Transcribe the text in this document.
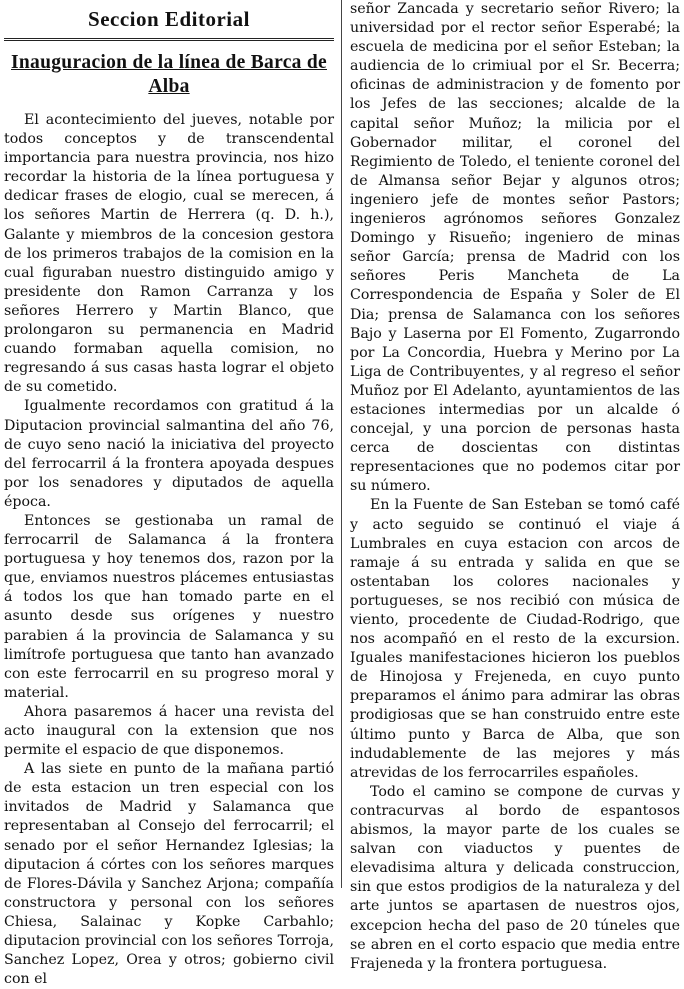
Seccion Editorial
Inauguracion de la línea de Barca de Alba

El acontecimiento del jueves, notable por todos conceptos y de transcendental importancia para nuestra provincia, nos hizo recordar la historia de la línea portuguesa y dedicar frases de elogio, cual se merecen, á los señores Martin de Herrera (q. D. h.), Galante y miembros de la concesion gestora de los primeros trabajos de la comision en la cual figuraban nuestro distinguido amigo y presidente don Ramon Carranza y los señores Herrero y Martin Blanco, que prolongaron su permanencia en Madrid cuando formaban aquella comision, no regresando á sus casas hasta lograr el objeto de su cometido.

Igualmente recordamos con gratitud á la Diputacion provincial salmantina del año 76, de cuyo seno nació la iniciativa del proyecto del ferrocarril á la frontera apoyada despues por los senadores y diputados de aquella época.

Entonces se gestionaba un ramal de ferrocarril de Salamanca á la frontera portuguesa y hoy tenemos dos, razon por la que, enviamos nuestros plácemes entusiastas á todos los que han tomado parte en el asunto desde sus orígenes y nuestro parabien á la provincia de Salamanca y su limítrofe portuguesa que tanto han avanzado con este ferrocarril en su progreso moral y material.

Ahora pasaremos á hacer una revista del acto inaugural con la extension que nos permite el espacio de que disponemos.

A las siete en punto de la mañana partió de esta estacion un tren especial con los invitados de Madrid y Salamanca que representaban al Consejo del ferrocarril; el senado por el señor Hernandez Iglesias; la diputacion á córtes con los señores marques de Flores-Dávila y Sanchez Arjona; compañía constructora y personal con los señores Chiesa, Salainac y Kopke Carbahlo; diputacion provincial con los señores Torroja, Sanchez Lopez, Orea y otros; gobierno civil con el

señor Zancada y secretario señor Rivero; la universidad por el rector señor Esperabé; la escuela de medicina por el señor Esteban; la audiencia de lo crimiual por el Sr. Becerra; oficinas de administracion y de fomento por los Jefes de las secciones; alcalde de la capital señor Muñoz; la milicia por el Gobernador militar, el coronel del Regimiento de Toledo, el teniente coronel del de Almansa señor Bejar y algunos otros; ingeniero jefe de montes señor Pastors; ingenieros agrónomos señores Gonzalez Domingo y Risueño; ingeniero de minas señor García; prensa de Madrid con los señores Peris Mancheta de La Correspondencia de España y Soler de El Dia; prensa de Salamanca con los señores Bajo y Laserna por El Fomento, Zugarrondo por La Concordia, Huebra y Merino por La Liga de Contribuyentes, y al regreso el señor Muñoz por El Adelanto, ayuntamientos de las estaciones intermedias por un alcalde ó concejal, y una porcion de personas hasta cerca de doscientas con distintas representaciones que no podemos citar por su número.

En la Fuente de San Esteban se tomó café y acto seguido se continuó el viaje á Lumbrales en cuya estacion con arcos de ramaje á su entrada y salida en que se ostentaban los colores nacionales y portugueses, se nos recibió con música de viento, procedente de Ciudad-Rodrigo, que nos acompañó en el resto de la excursion. Iguales manifestaciones hicieron los pueblos de Hinojosa y Frejeneda, en cuyo punto preparamos el ánimo para admirar las obras prodigiosas que se han construido entre este último punto y Barca de Alba, que son indudablemente de las mejores y más atrevidas de los ferrocarriles españoles.

Todo el camino se compone de curvas y contracurvas al bordo de espantosos abismos, la mayor parte de los cuales se salvan con viaductos y puentes de elevadisima altura y delicada construccion, sin que estos prodigios de la naturaleza y del arte juntos se apartasen de nuestros ojos, excepcion hecha del paso de 20 túneles que se abren en el corto espacio que media entre Frajeneda y la frontera portuguesa.
